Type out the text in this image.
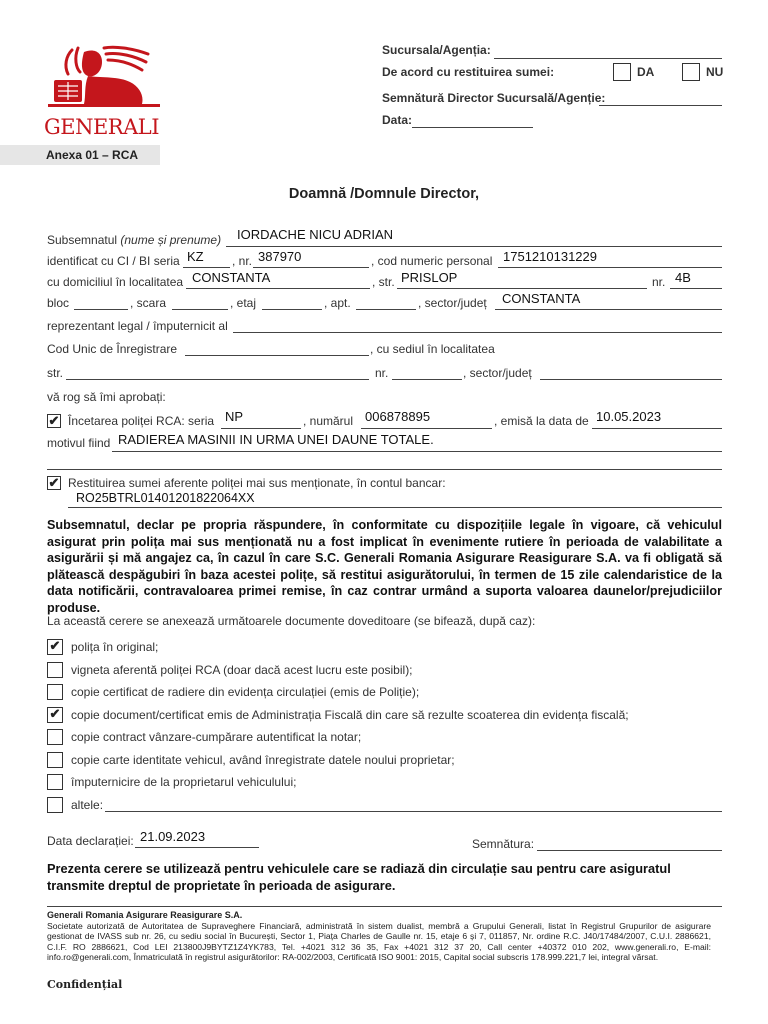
GENERALI
Sucursala/Agenția:
De acord cu restituirea sumei:	DA	NU
Semnătură Director Sucursală/Agenție:
Data:
Anexa 01 – RCA
Doamnă /Domnule Director,
Subsemnatul (nume și prenume) IORDACHE NICU ADRIAN
identificat cu CI / BI seria KZ , nr. 387970	, cod numeric personal 1751210131229
cu domiciliul în localitatea CONSTANTA	, str. PRISLOP	nr. 4B
bloc	, scara	, etaj	, apt.	, sector/județ CONSTANTA
reprezentant legal / împuternicit al
Cod Unic de Înregistrare	, cu sediul în localitatea
str.	nr.	, sector/județ
vă rog să îmi aprobați:
✔ Încetarea poliței RCA: seria NP	, numărul 006878895	, emisă la data de 10.05.2023
motivul fiind RADIEREA MASINII IN URMA UNEI DAUNE TOTALE.
✔ Restituirea sumei aferente poliței mai sus menționate, în contul bancar:
RO25BTRL01401201822064XX
Subsemnatul, declar pe propria răspundere, în conformitate cu dispozițiile legale în vigoare, că vehiculul asigurat prin polița mai sus menționată nu a fost implicat în evenimente rutiere în perioada de valabilitate a asigurării și mă angajez ca, în cazul în care S.C. Generali Romania Asigurare Reasigurare S.A. va fi obligată să plătească despăgubiri în baza acestei polițe, să restitui asigurătorului, în termen de 15 zile calendaristice de la data notificării, contravaloarea primei remise, în caz contrar urmând a suporta valoarea daunelor/prejudiciilor produse.
La această cerere se anexează următoarele documente doveditoare (se bifează, după caz):
✔ polița în original;
vigneta aferentă poliței RCA (doar dacă acest lucru este posibil);
copie certificat de radiere din evidența circulației (emis de Poliție);
✔ copie document/certificat emis de Administrația Fiscală din care să rezulte scoaterea din evidența fiscală;
copie contract vânzare-cumpărare autentificat la notar;
copie carte identitate vehicul, având înregistrate datele noului proprietar;
împuternicire de la proprietarul vehiculului;
altele:
Data declarației: 21.09.2023	Semnătura:
Prezenta cerere se utilizează pentru vehiculele care se radiază din circulație sau pentru care asiguratul transmite dreptul de proprietate în perioada de asigurare.
Generali Romania Asigurare Reasigurare S.A.
Societate autorizată de Autoritatea de Supraveghere Financiară, administrată în sistem dualist, membră a Grupului Generali, listat în Registrul Grupurilor de asigurare gestionat de IVASS sub nr. 26, cu sediu social în București, Sector 1, Piața Charles de Gaulle nr. 15, etaje 6 și 7, 011857, Nr. ordine R.C. J40/17484/2007, C.U.I. 2886621, C.I.F. RO 2886621, Cod LEI 213800J9BYTZ1Z4YK783, Tel. +4021 312 36 35, Fax +4021 312 37 20, Call center +40372 010 202, www.generali.ro, E-mail: info.ro@generali.com, Înmatriculată în registrul asigurătorilor: RA-002/2003, Certificată ISO 9001: 2015, Capital social subscris 178.999.221,7 lei, integral vărsat.
Confidențial
